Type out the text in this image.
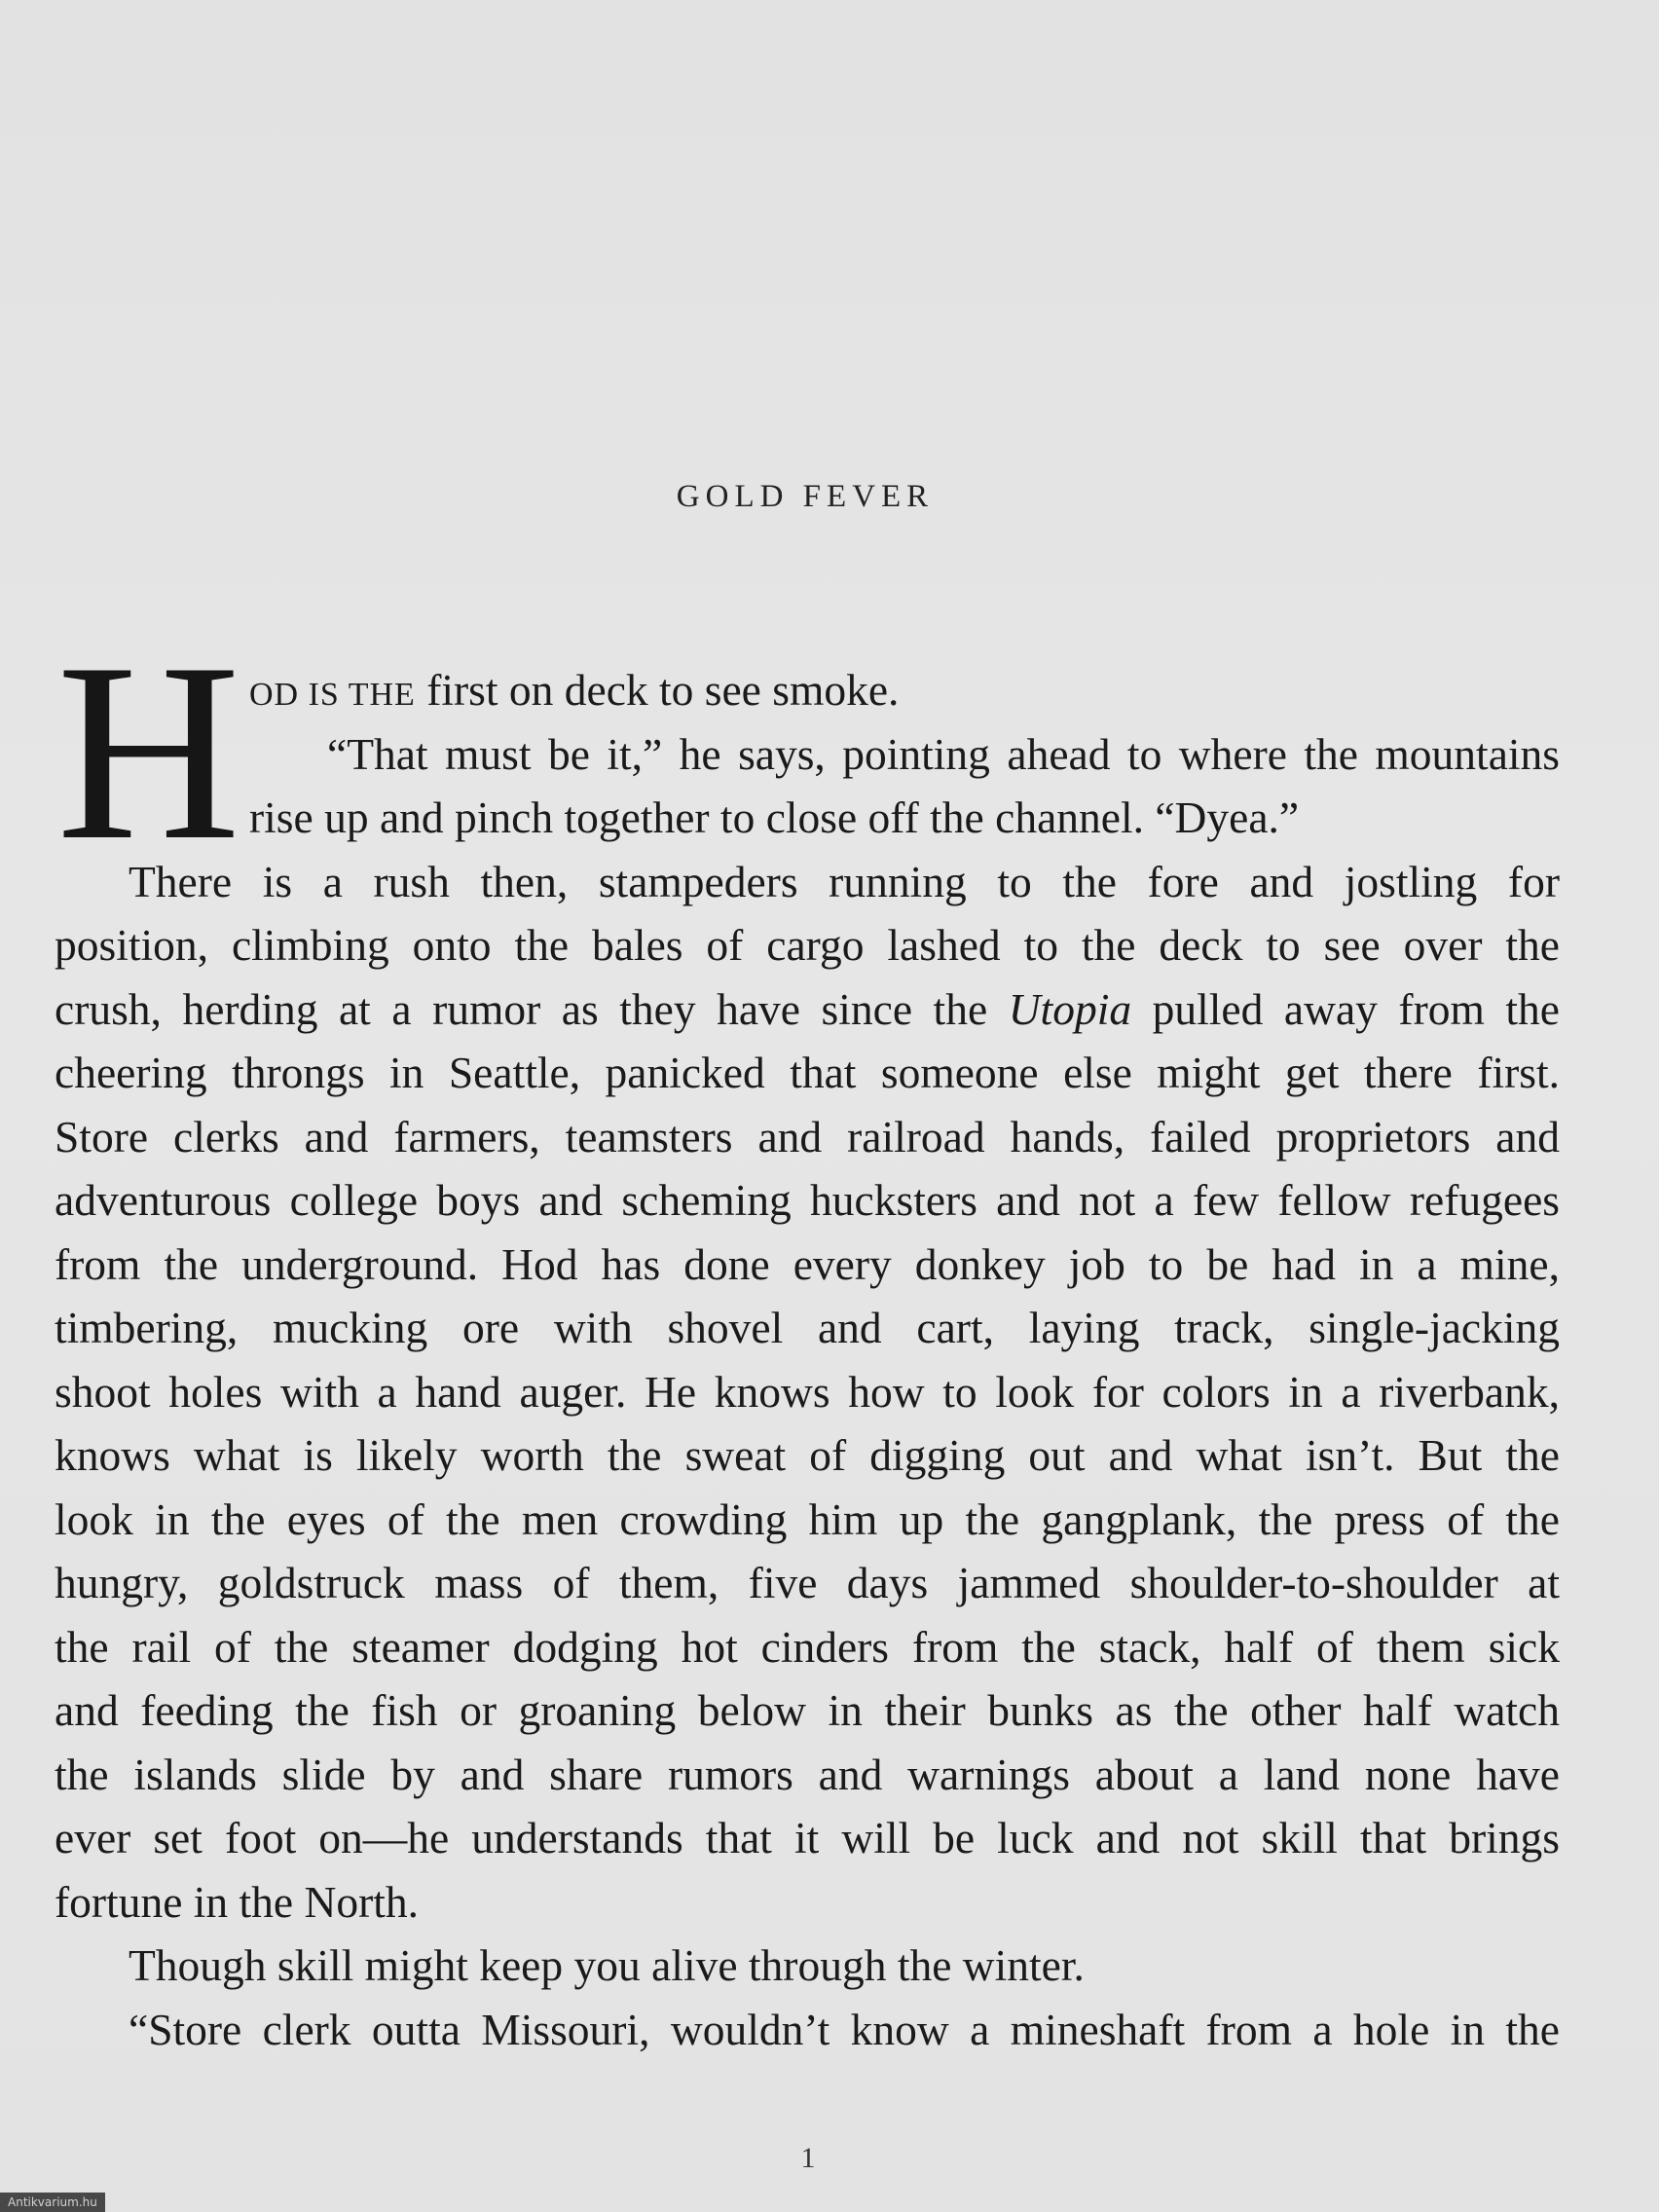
GOLD FEVER
H OD IS THE first on deck to see smoke.
“That must be it,” he says, pointing ahead to where the mountains
rise up and pinch together to close off the channel. “Dyea.”
There is a rush then, stampeders running to the fore and jostling for
position, climbing onto the bales of cargo lashed to the deck to see over the
crush, herding at a rumor as they have since the Utopia pulled away from the
cheering throngs in Seattle, panicked that someone else might get there first.
Store clerks and farmers, teamsters and railroad hands, failed proprietors and
adventurous college boys and scheming hucksters and not a few fellow refugees
from the underground. Hod has done every donkey job to be had in a mine,
timbering, mucking ore with shovel and cart, laying track, single-jacking
shoot holes with a hand auger. He knows how to look for colors in a riverbank,
knows what is likely worth the sweat of digging out and what isn’t. But the
look in the eyes of the men crowding him up the gangplank, the press of the
hungry, goldstruck mass of them, five days jammed shoulder-to-shoulder at
the rail of the steamer dodging hot cinders from the stack, half of them sick
and feeding the fish or groaning below in their bunks as the other half watch
the islands slide by and share rumors and warnings about a land none have
ever set foot on—he understands that it will be luck and not skill that brings
fortune in the North.
Though skill might keep you alive through the winter.
“Store clerk outta Missouri, wouldn’t know a mineshaft from a hole in the
1
Antikvarium.hu
